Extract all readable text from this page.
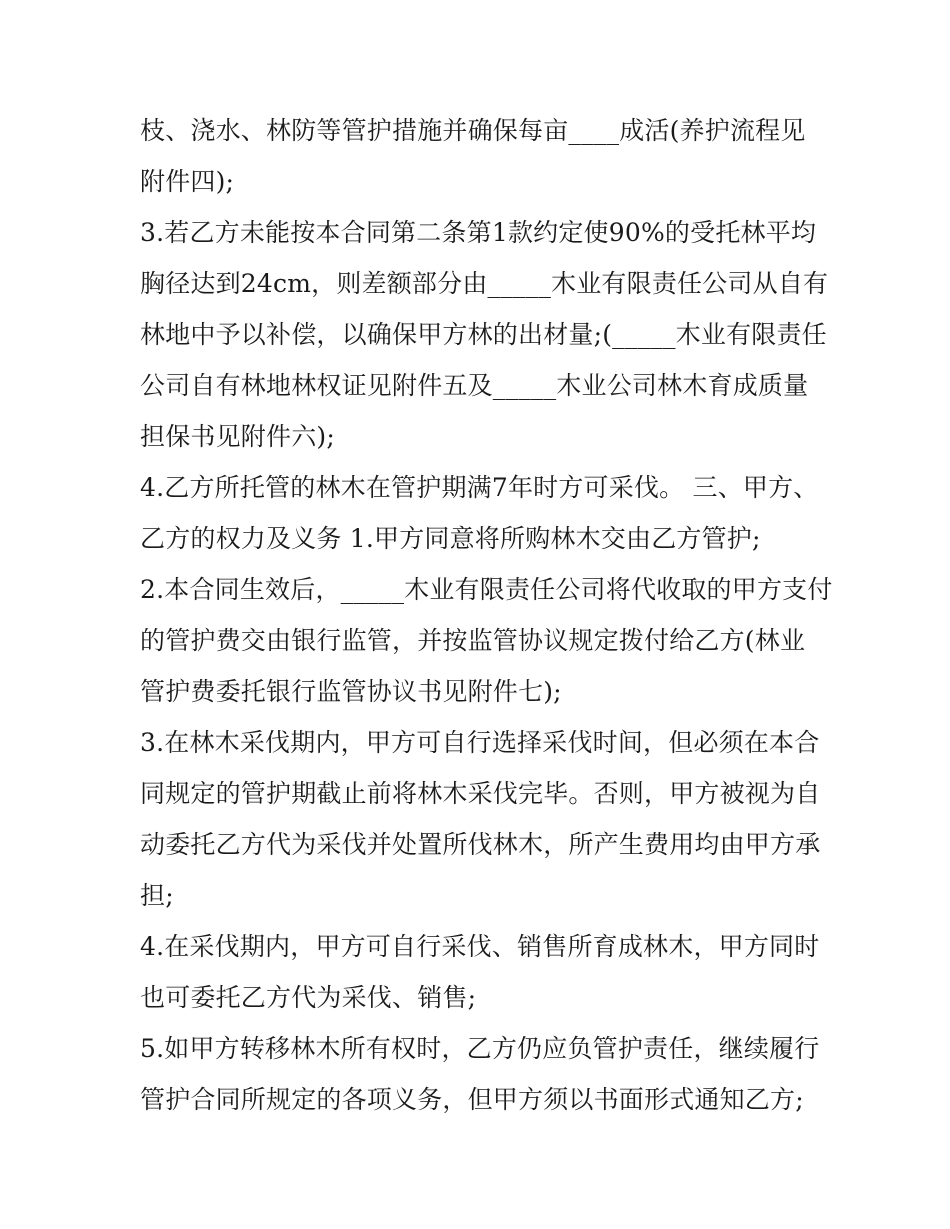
枝、浇水、林防等管护措施并确保每亩____成活(养护流程见
附件四);
3.若乙方未能按本合同第二条第1款约定使90%的受托林平均
胸径达到24cm，则差额部分由_____木业有限责任公司从自有
林地中予以补偿，以确保甲方林的出材量;(_____木业有限责任
公司自有林地林权证见附件五及_____木业公司林木育成质量
担保书见附件六);
4.乙方所托管的林木在管护期满7年时方可采伐。 三、甲方、
乙方的权力及义务 1.甲方同意将所购林木交由乙方管护;
2.本合同生效后，_____木业有限责任公司将代收取的甲方支付
的管护费交由银行监管，并按监管协议规定拨付给乙方(林业
管护费委托银行监管协议书见附件七);
3.在林木采伐期内，甲方可自行选择采伐时间，但必须在本合
同规定的管护期截止前将林木采伐完毕。否则，甲方被视为自
动委托乙方代为采伐并处置所伐林木，所产生费用均由甲方承
担;
4.在采伐期内，甲方可自行采伐、销售所育成林木，甲方同时
也可委托乙方代为采伐、销售;
5.如甲方转移林木所有权时，乙方仍应负管护责任，继续履行
管护合同所规定的各项义务，但甲方须以书面形式通知乙方;
